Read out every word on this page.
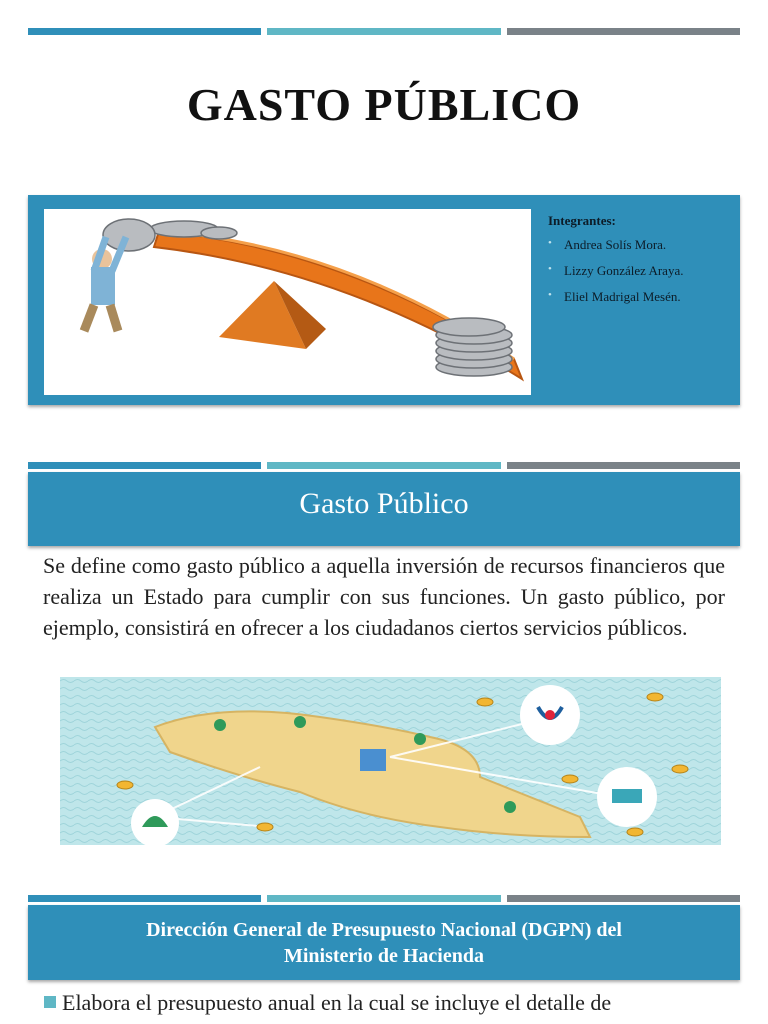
GASTO PÚBLICO
Integrantes:
• Andrea Solís Mora.
• Lizzy González Araya.
• Eliel Madrigal Mesén.
Gasto Público
Se define como gasto público a aquella inversión de recursos financieros que realiza un Estado para cumplir con sus funciones. Un gasto público, por ejemplo, consistirá en ofrecer a los ciudadanos ciertos servicios públicos.
Dirección General de Presupuesto Nacional (DGPN) del
Ministerio de Hacienda
Elabora el presupuesto anual en la cual se incluye el detalle de
